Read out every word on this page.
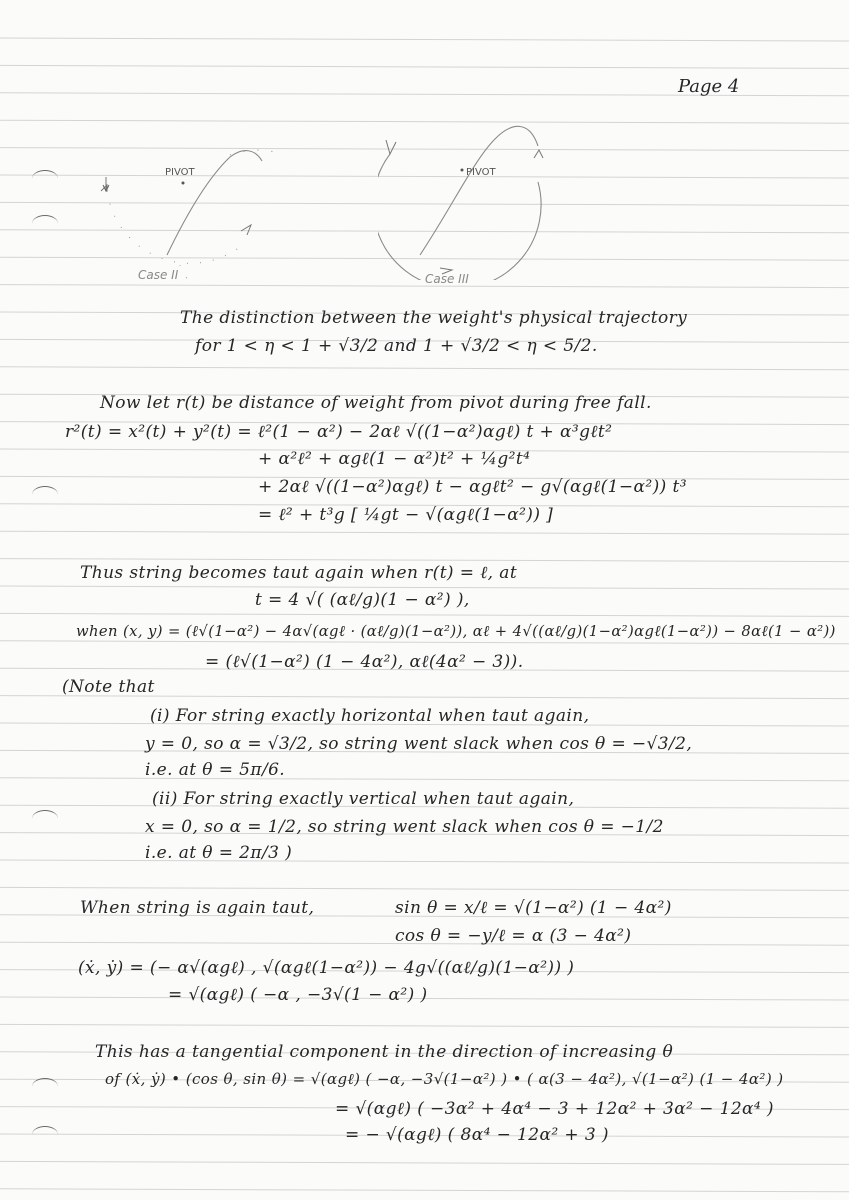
Page 4
PIVOT
Case II
PIVOT
Case III
The distinction between the weight's physical trajectory
for 1 < η < 1 + √3/2 and 1 + √3/2 < η < 5/2.
Now let r(t) be distance of weight from pivot during free fall.
r²(t) = x²(t) + y²(t) = ℓ²(1 − α²) − 2αℓ √((1−α²)αgℓ) t + α³gℓt²
+ α²ℓ² + αgℓ(1 − α²)t² + ¼g²t⁴
+ 2αℓ √((1−α²)αgℓ) t − αgℓt² − g√(αgℓ(1−α²)) t³
= ℓ² + t³g [ ¼gt − √(αgℓ(1−α²)) ]
Thus string becomes taut again when r(t) = ℓ, at
t = 4 √( (αℓ/g)(1 − α²) ),
when (x, y) = (ℓ√(1−α²) − 4α√(αgℓ · (αℓ/g)(1−α²)), αℓ + 4√((αℓ/g)(1−α²)αgℓ(1−α²)) − 8αℓ(1 − α²))
= (ℓ√(1−α²) (1 − 4α²), αℓ(4α² − 3)).
(Note that
(i) For string exactly horizontal when taut again,
y = 0, so α = √3/2, so string went slack when cos θ = −√3/2,
i.e. at θ = 5π/6.
(ii) For string exactly vertical when taut again,
x = 0, so α = 1/2, so string went slack when cos θ = −1/2
i.e. at θ = 2π/3 )
When string is again taut,	sin θ = x/ℓ = √(1−α²) (1 − 4α²)
cos θ = −y/ℓ = α (3 − 4α²)
(ẋ, ẏ) = (− α√(αgℓ) , √(αgℓ(1−α²)) − 4g√((αℓ/g)(1−α²)) )
= √(αgℓ) ( −α , −3√(1 − α²) )
This has a tangential component in the direction of increasing θ
of (ẋ, ẏ) • (cos θ, sin θ) = √(αgℓ) ( −α, −3√(1−α²) ) • ( α(3 − 4α²), √(1−α²) (1 − 4α²) )
= √(αgℓ) ( −3α² + 4α⁴ − 3 + 12α² + 3α² − 12α⁴ )
= − √(αgℓ) ( 8α⁴ − 12α² + 3 )
